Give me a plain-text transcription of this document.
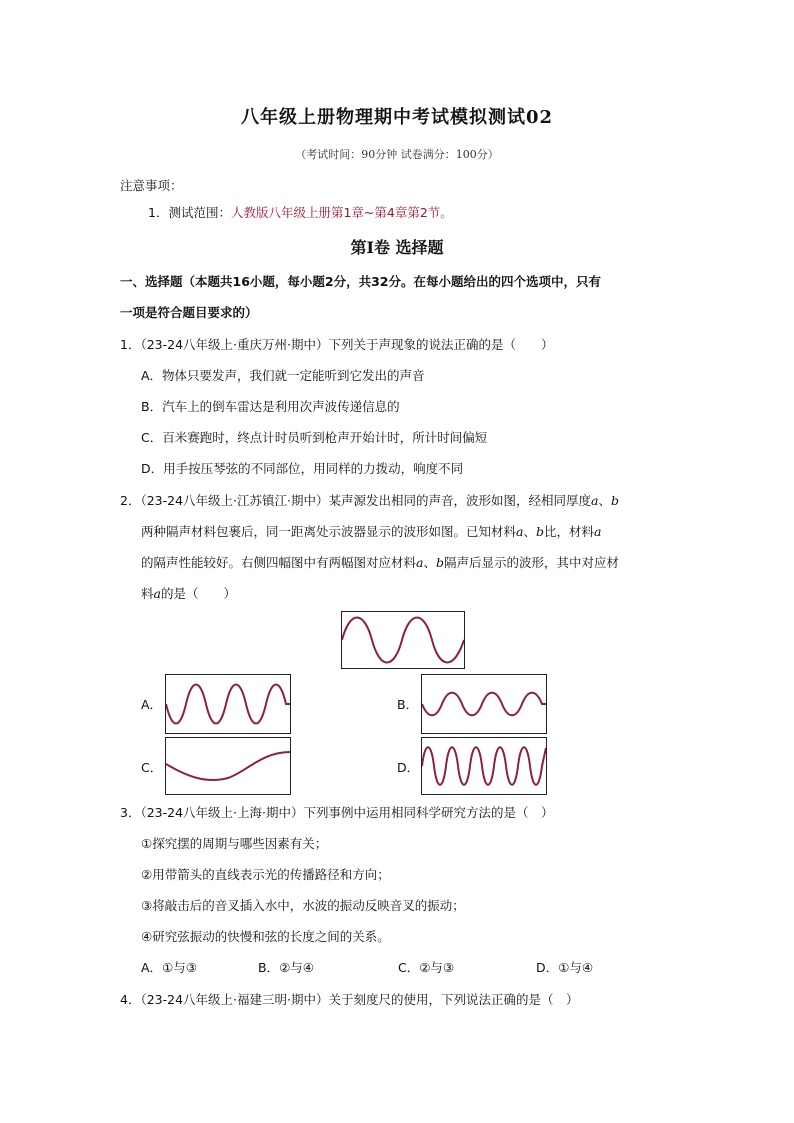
八年级上册物理期中考试模拟测试02
（考试时间：90分钟 试卷满分：100分）
注意事项：
1．测试范围：人教版八年级上册第1章~第4章第2节。
第Ⅰ卷 选择题
一、选择题（本题共16小题，每小题2分，共32分。在每小题给出的四个选项中，只有
一项是符合题目要求的）
1．（23-24八年级上·重庆万州·期中）下列关于声现象的说法正确的是（　　）
A．物体只要发声，我们就一定能听到它发出的声音
B．汽车上的倒车雷达是利用次声波传递信息的
C．百米赛跑时，终点计时员听到枪声开始计时，所计时间偏短
D．用手按压琴弦的不同部位，用同样的力拨动，响度不同
2．（23-24八年级上·江苏镇江·期中）某声源发出相同的声音，波形如图，经相同厚度a、b
两种隔声材料包裹后，同一距离处示波器显示的波形如图。已知材料a、b比，材料a
的隔声性能较好。右侧四幅图中有两幅图对应材料a、b隔声后显示的波形，其中对应材
料a的是（　　）
A．	B．
C．	D．
3．（23-24八年级上·上海·期中）下列事例中运用相同科学研究方法的是（　）
①探究摆的周期与哪些因素有关；
②用带箭头的直线表示光的传播路径和方向；
③将敲击后的音叉插入水中，水波的振动反映音叉的振动；
④研究弦振动的快慢和弦的长度之间的关系。
A．①与③	B．②与④	C．②与③	D．①与④
4．（23-24八年级上·福建三明·期中）关于刻度尺的使用，下列说法正确的是（　）
